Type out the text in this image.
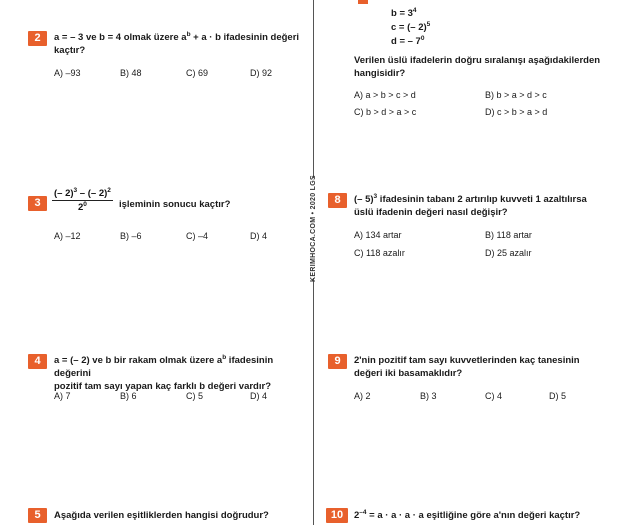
KERIMHOCA.COM • 2020 LGS
2	a = – 3 ve b = 4 olmak üzere $a^b + a \cdot b$ ifadesinin değeri
kaçtır?
A) –93	B) 48	C) 69	D) 92
3	$\frac{(- 2)^3 - (- 2)^2}{2^0}$ işleminin sonucu kaçtır?
A) –12	B) –6	C) –4	D) 4
4	a = (– 2) ve b bir rakam olmak üzere $a^b$ ifadesinin değerini
pozitif tam sayı yapan kaç farklı b değeri vardır?
A) 7	B) 6	C) 5	D) 4
5	Aşağıda verilen eşitliklerden hangisi doğrudur?
$b = 3^4$
c = (– 2)$^5$
d = – $7^0$
Verilen üslü ifadelerin doğru sıralanışı aşağıdakilerden
hangisidir?
A) a > b > c > d	B) b > a > d > c
C) b > d > a > c	D) c > b > a > d
8	(– 5)$^3$ ifadesinin tabanı 2 artırılıp kuvveti 1 azaltılırsa
üslü ifadenin değeri nasıl değişir?
A) 134 artar	B) 118 artar
C) 118 azalır	D) 25 azalır
9	2'nin pozitif tam sayı kuvvetlerinden kaç tanesinin
değeri iki basamaklıdır?
A) 2	B) 3	C) 4	D) 5
10	$2^{-4} = a \cdot a \cdot a \cdot a$ eşitliğine göre a'nın değeri kaçtır?
